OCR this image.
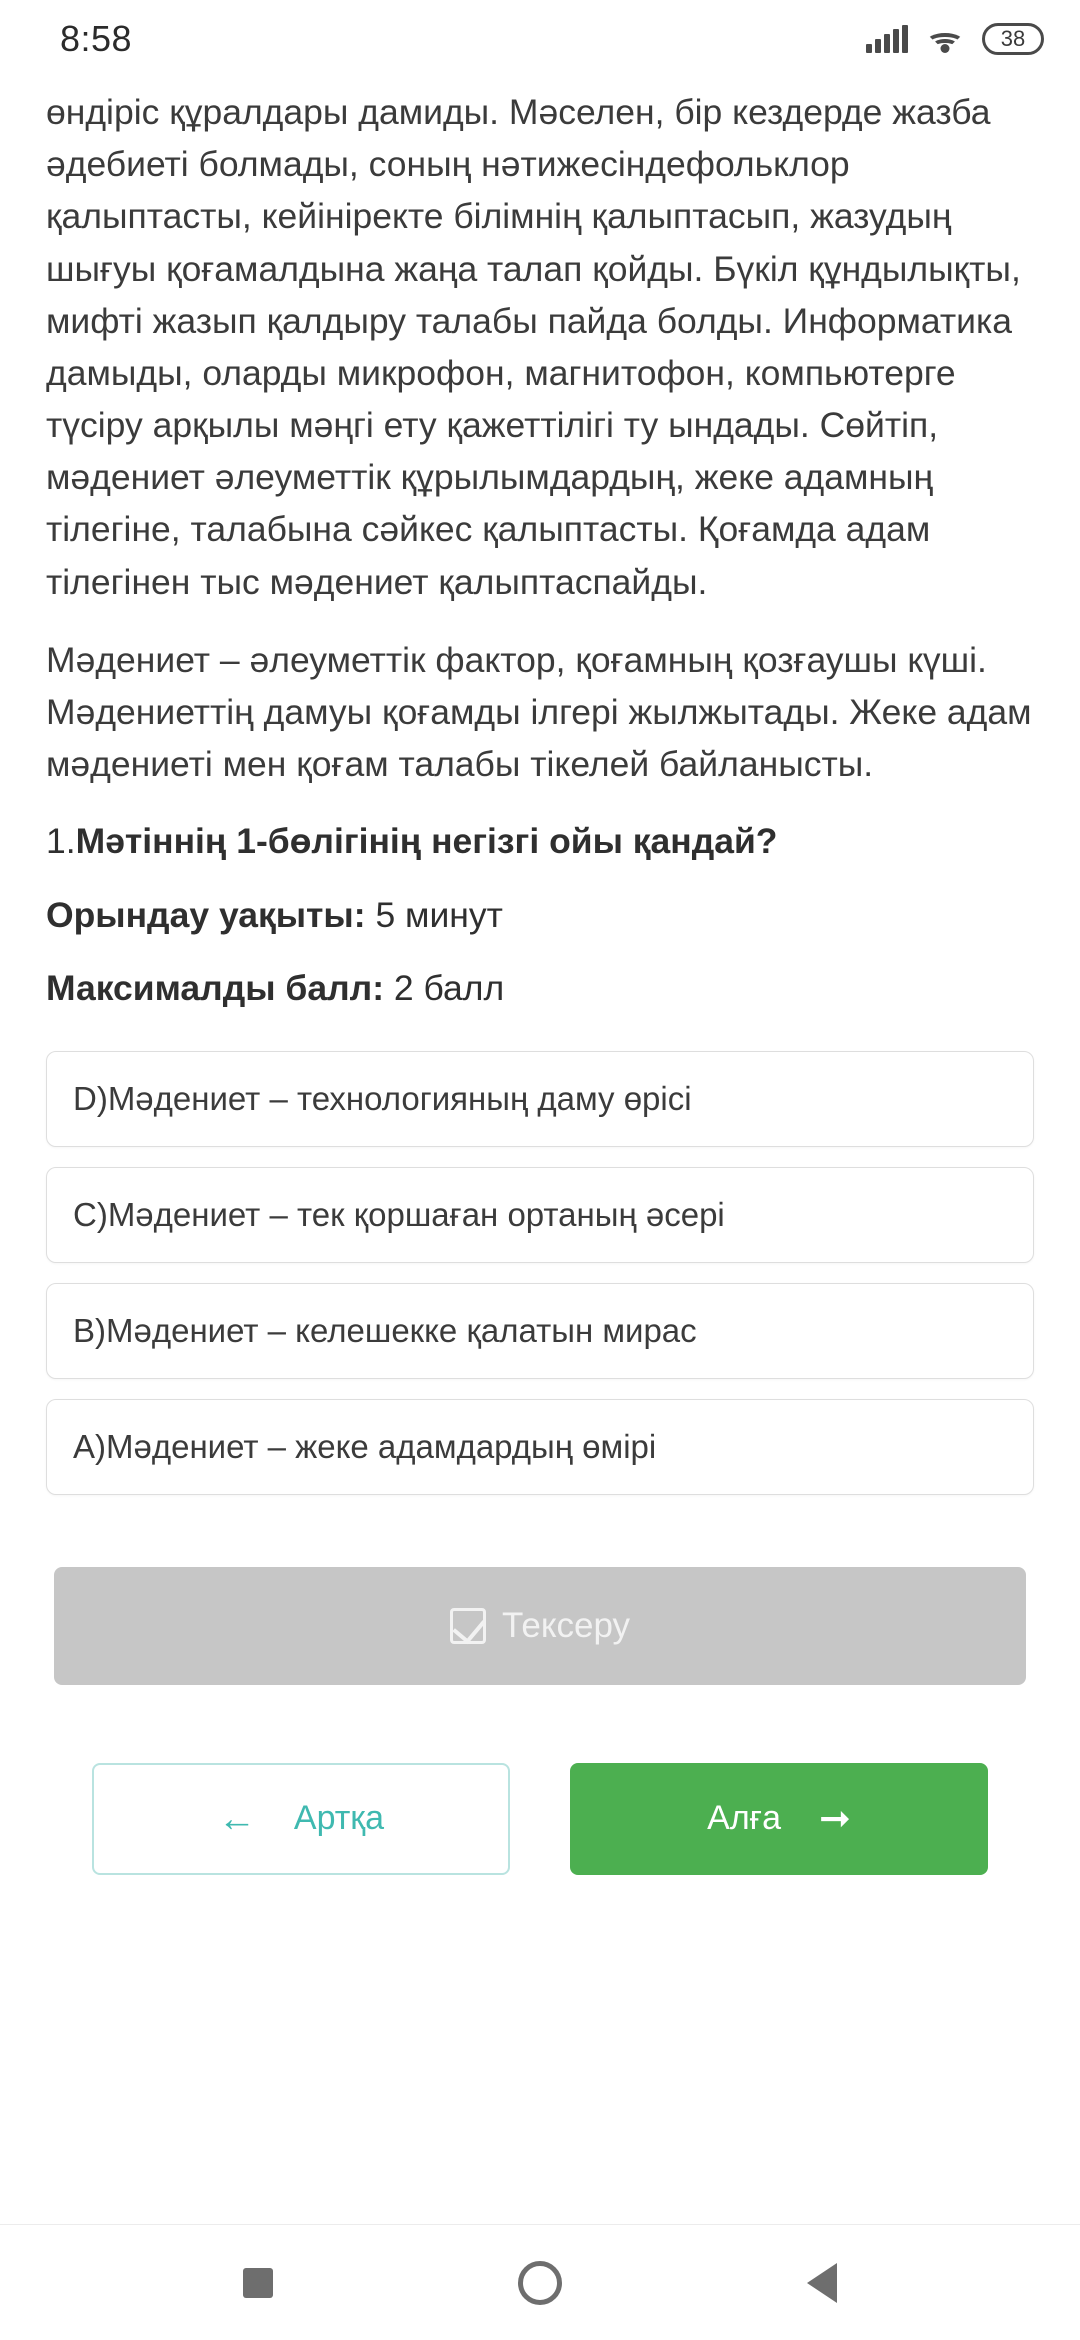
8:58	38

өндіріс құралдары дамиды. Мәселен, бір кездерде жазба әдебиеті болмады, соның нәтижесіндефольклор қалыптасты, кейініректе білімнің қалыптасып, жазудың шығуы қоғамалдына жаңа талап қойды. Бүкіл құндылықты, мифті жазып қалдыру талабы пайда болды. Информатика дамыды, оларды микрофон, магнитофон, компьютерге түсіру арқылы мәңгі ету қажеттілігі ту ындады. Сөйтіп, мәдениет әлеуметтік құрылымдардың, жеке адамның тілегіне, талабына сәйкес қалыптасты. Қоғамда адам тілегінен тыс мәдениет қалыптаспайды.

Мәдениет – әлеуметтік фактор, қоғамның қозғаушы күші. Мәдениеттің дамуы қоғамды ілгері жылжытады. Жеке адам мәдениеті мен қоғам талабы тікелей байланысты.

1.Мәтіннің 1-бөлігінің негізгі ойы қандай?
Орындау уақыты: 5 минут
Максималды балл: 2 балл
D)Мәдениет – технологияның даму өрісі
C)Мәдениет – тек қоршаған ортаның әсері
B)Мәдениет – келешекке қалатын мирас
A)Мәдениет – жеке адамдардың өмірі
Тексеру
← Артқа	Алға ➞
